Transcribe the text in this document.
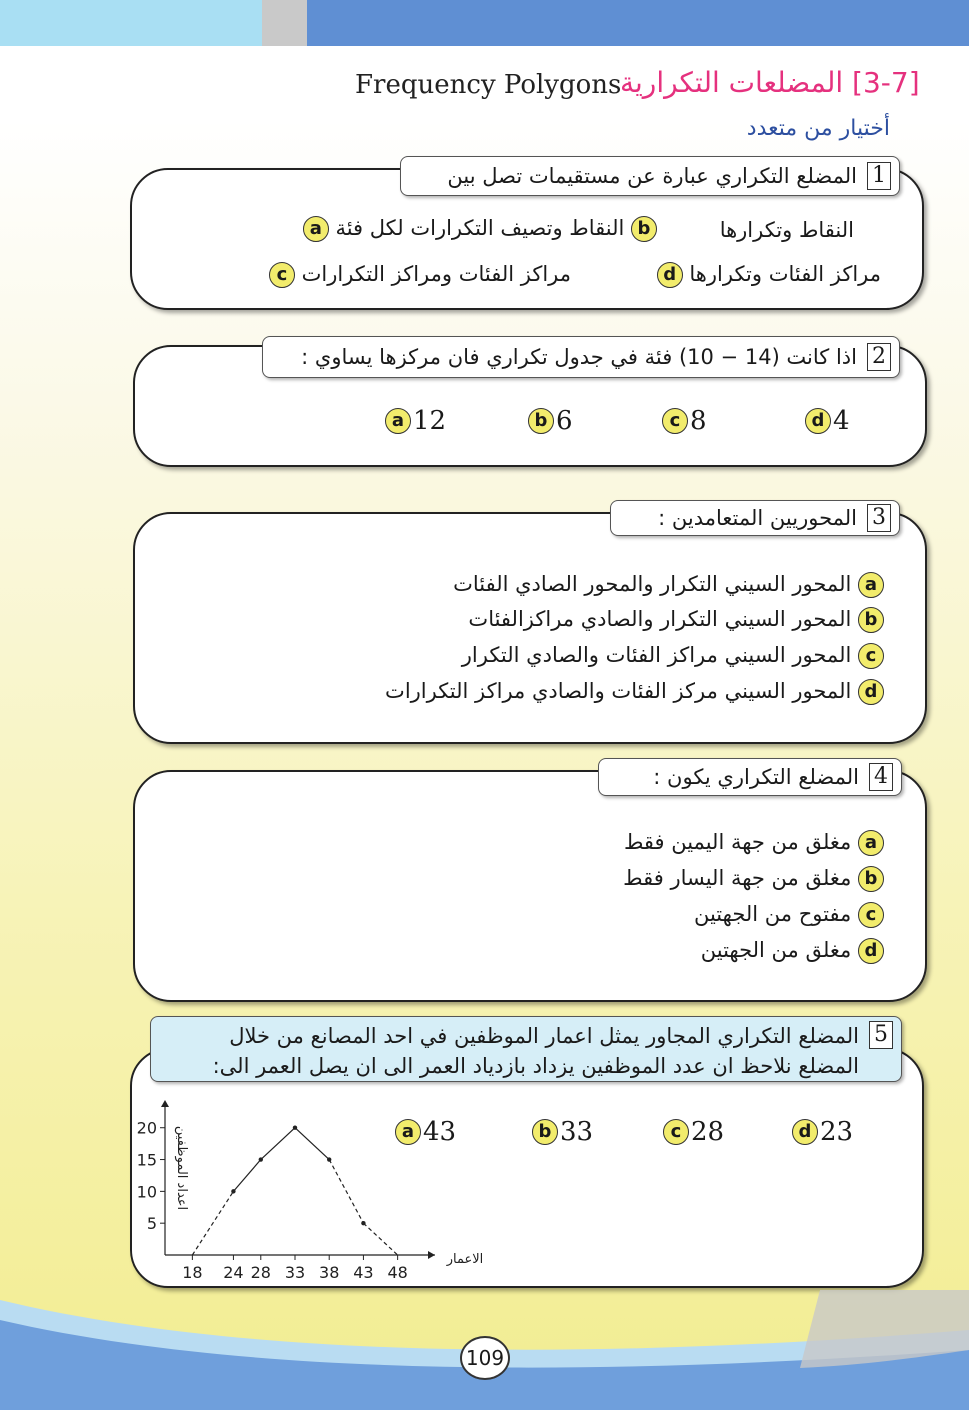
Frequency Polygons
[3-7] المضلعات التكرارية
أختيار من متعدد
1
المضلع التكراري عبارة عن مستقيمات تصل بين
النقاط وتكرارها
b النقاط وتصيف التكرارات لكل فئة a
مراكز الفئات وتكرارها d
مراكز الفئات ومراكز التكرارات c
2
اذا كانت (14 − 10) فئة في جدول تكراري فان مركزها يساوي :
a 12	b 6	c 8	d 4
3
المحوريين المتعامدين :
a المحور السيني التكرار والمحور الصادي الفئات
b المحور السيني التكرار والصادي مراكزالفئات
c المحور السيني مراكز الفئات والصادي التكرار
d المحور السيني مركز الفئات والصادي مراكز التكرارات
4
المضلع التكراري يكون :
a مغلق من جهة اليمين فقط
b مغلق من جهة اليسار فقط
c مفتوح من الجهتين
d مغلق من الجهتين
5
المضلع التكراري المجاور يمثل اعمار الموظفين في احد المصانع من خلال
المضلع نلاحظ ان عدد الموظفين يزداد بازدياد العمر الى ان يصل العمر الى:
a 43	b 33	c 28	d 23
5
10
15
20
18 24 28 33 38 43 48
الاعمار
اعداد الموظفين
109
